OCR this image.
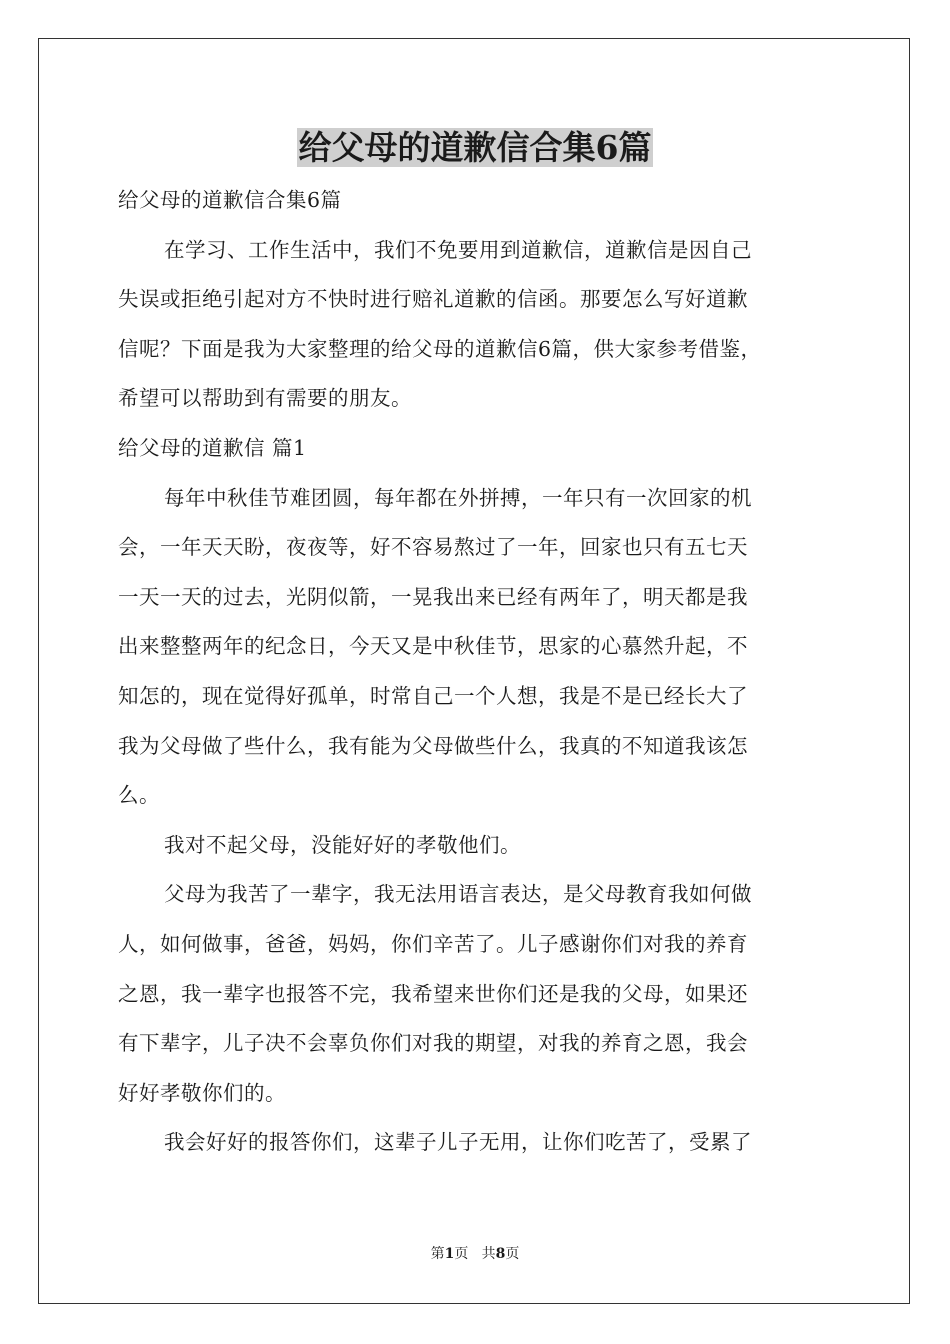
给父母的道歉信合集6篇
给父母的道歉信合集6篇
在学习、工作生活中，我们不免要用到道歉信，道歉信是因自己
失误或拒绝引起对方不快时进行赔礼道歉的信函。那要怎么写好道歉
信呢？下面是我为大家整理的给父母的道歉信6篇，供大家参考借鉴，
希望可以帮助到有需要的朋友。
给父母的道歉信 篇1
每年中秋佳节难团圆，每年都在外拼搏，一年只有一次回家的机
会，一年天天盼，夜夜等，好不容易熬过了一年，回家也只有五七天
一天一天的过去，光阴似箭，一晃我出来已经有两年了，明天都是我
出来整整两年的纪念日，今天又是中秋佳节，思家的心慕然升起，不
知怎的，现在觉得好孤单，时常自己一个人想，我是不是已经长大了
我为父母做了些什么，我有能为父母做些什么，我真的不知道我该怎
么。
我对不起父母，没能好好的孝敬他们。
父母为我苦了一辈字，我无法用语言表达，是父母教育我如何做
人，如何做事，爸爸，妈妈，你们辛苦了。儿子感谢你们对我的养育
之恩，我一辈字也报答不完，我希望来世你们还是我的父母，如果还
有下辈字，儿子决不会辜负你们对我的期望，对我的养育之恩，我会
好好孝敬你们的。
我会好好的报答你们，这辈子儿子无用，让你们吃苦了，受累了
第1页 共8页
